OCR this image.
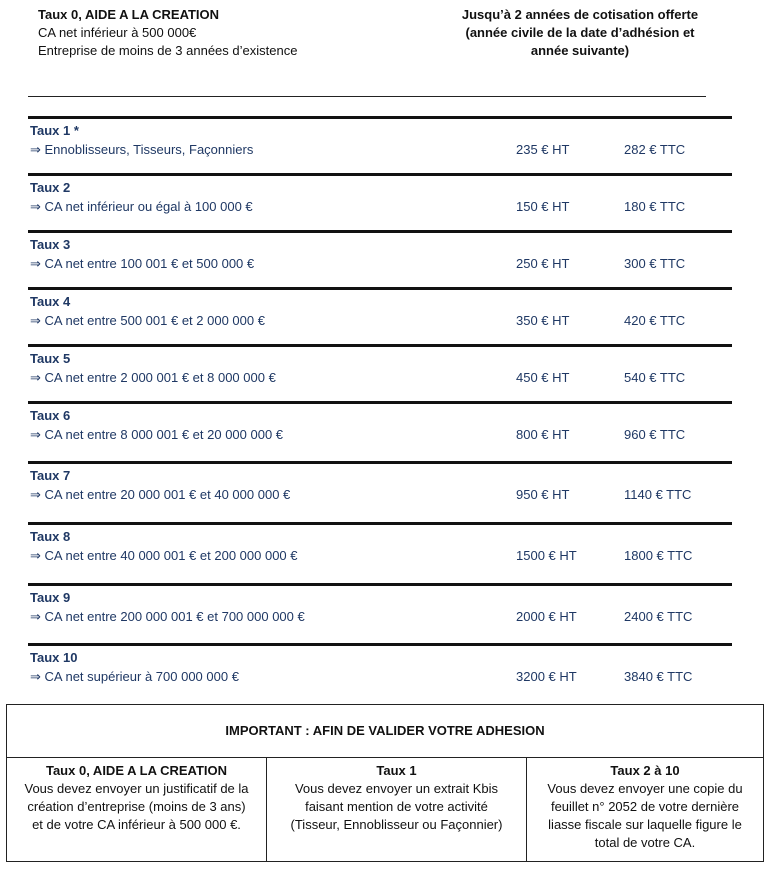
Taux 0, AIDE A LA CREATION
CA net inférieur à 500 000€
Entreprise de moins de 3 années d’existence
Jusqu’à 2 années de cotisation offerte
(année civile de la date d’adhésion et
année suivante)
Taux 1 *
⇒ Ennoblisseurs, Tisseurs, Façonniers	235 € HT	282 € TTC
Taux 2
⇒ CA net inférieur ou égal à 100 000 €	150 € HT	180 € TTC
Taux 3
⇒ CA net entre 100 001 € et 500 000 €	250 € HT	300 € TTC
Taux 4
⇒ CA net entre 500 001 € et 2 000 000 €	350 € HT	420 € TTC
Taux 5
⇒ CA net entre 2 000 001 € et 8 000 000 €	450 € HT	540 € TTC
Taux 6
⇒ CA net entre 8 000 001 € et 20 000 000 €	800 € HT	960 € TTC
Taux 7
⇒ CA net entre 20 000 001 € et 40 000 000 €	950 € HT	1140 € TTC
Taux 8
⇒ CA net entre 40 000 001 € et 200 000 000 €	1500 € HT	1800 € TTC
Taux 9
⇒ CA net entre 200 000 001 € et 700 000 000 €	2000 € HT	2400 € TTC
Taux 10
⇒ CA net supérieur à 700 000 000 €	3200 € HT	3840 € TTC
IMPORTANT : AFIN DE VALIDER VOTRE ADHESION
Taux 0, AIDE A LA CREATION
Vous devez envoyer un justificatif de la
création d’entreprise (moins de 3 ans)
et de votre CA inférieur à 500 000 €.
Taux 1
Vous devez envoyer un extrait Kbis
faisant mention de votre activité
(Tisseur, Ennoblisseur ou Façonnier)
Taux 2 à 10
Vous devez envoyer une copie du
feuillet n° 2052 de votre dernière
liasse fiscale sur laquelle figure le
total de votre CA.
